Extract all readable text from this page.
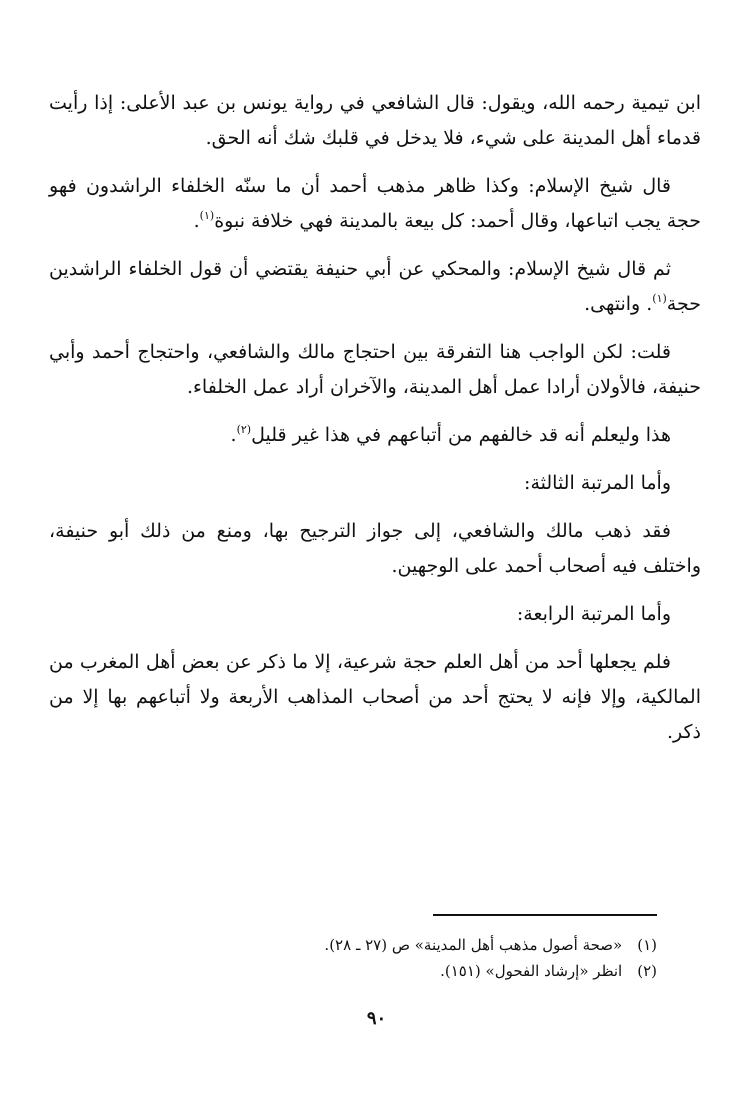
ابن تيمية رحمه الله، ويقول: قال الشافعي في رواية يونس بن عبد الأعلى: إذا رأيت قدماء أهل المدينة على شيء، فلا يدخل في قلبك شك أنه الحق.

قال شيخ الإسلام: وكذا ظاهر مذهب أحمد أن ما سنّه الخلفاء الراشدون فهو حجة يجب اتباعها، وقال أحمد: كل بيعة بالمدينة فهي خلافة نبوة$^{(١)}$.

ثم قال شيخ الإسلام: والمحكي عن أبي حنيفة يقتضي أن قول الخلفاء الراشدين حجة$^{(١)}$. وانتهى.

قلت: لكن الواجب هنا التفرقة بين احتجاج مالك والشافعي، واحتجاج أحمد وأبي حنيفة، فالأولان أرادا عمل أهل المدينة، والآخران أراد عمل الخلفاء.

هذا وليعلم أنه قد خالفهم من أتباعهم في هذا غير قليل$^{(٢)}$.

وأما المرتبة الثالثة:

فقد ذهب مالك والشافعي، إلى جواز الترجيح بها، ومنع من ذلك أبو حنيفة، واختلف فيه أصحاب أحمد على الوجهين.

وأما المرتبة الرابعة:

فلم يجعلها أحد من أهل العلم حجة شرعية، إلا ما ذكر عن بعض أهل المغرب من المالكية، وإلا فإنه لا يحتج أحد من أصحاب المذاهب الأربعة ولا أتباعهم بها إلا من ذكر.

(١) «صحة أصول مذهب أهل المدينة» ص (٢٧ ـ ٢٨).

(٢) انظر «إرشاد الفحول» (١٥١).

٩٠
